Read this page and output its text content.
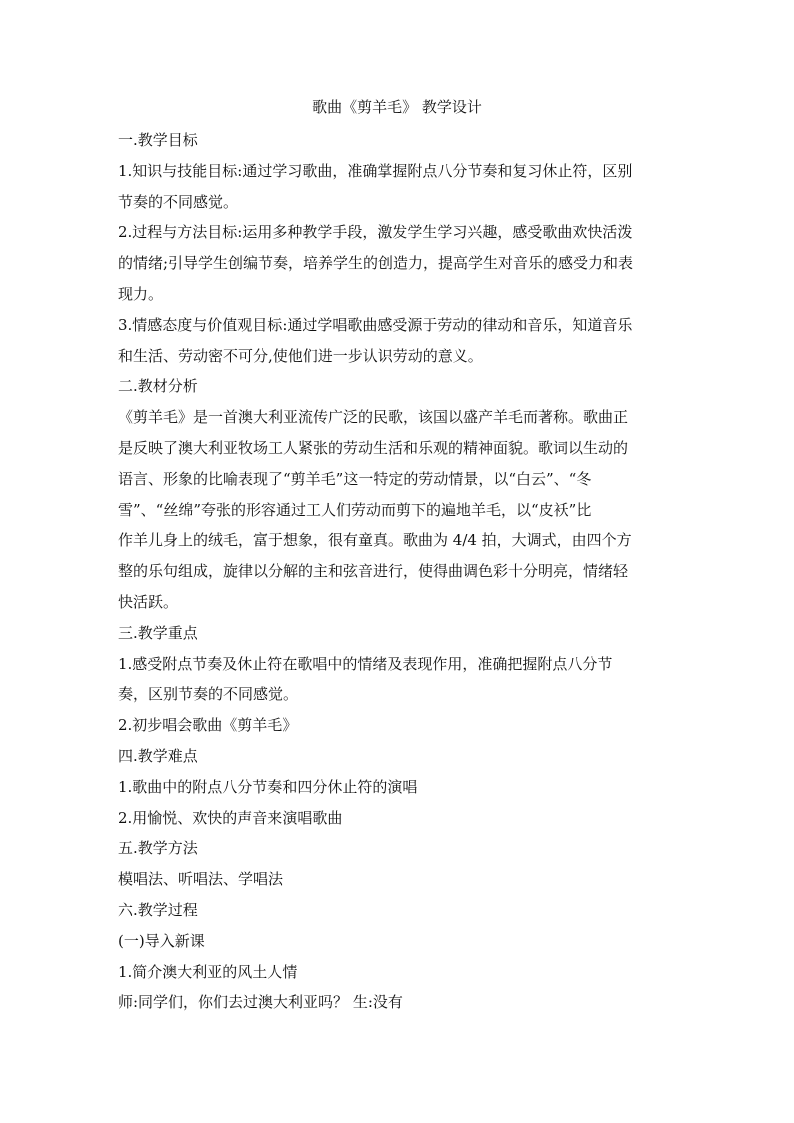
歌曲《剪羊毛》 教学设计

一.教学目标

1.知识与技能目标:通过学习歌曲，准确掌握附点八分节奏和复习休止符，区别

节奏的不同感觉。

2.过程与方法目标:运用多种教学手段，激发学生学习兴趣，感受歌曲欢快活泼

的情绪;引导学生创编节奏，培养学生的创造力，提高学生对音乐的感受力和表

现力。

3.情感态度与价值观目标:通过学唱歌曲感受源于劳动的律动和音乐，知道音乐

和生活、劳动密不可分,使他们进一步认识劳动的意义。

二.教材分析

《剪羊毛》是一首澳大利亚流传广泛的民歌，该国以盛产羊毛而著称。歌曲正

是反映了澳大利亚牧场工人紧张的劳动生活和乐观的精神面貌。歌词以生动的

语言、形象的比喻表现了“剪羊毛”这一特定的劳动情景，以“白云”、“冬

雪”、“丝绵”夸张的形容通过工人们劳动而剪下的遍地羊毛，以“皮袄”比

作羊儿身上的绒毛，富于想象，很有童真。歌曲为 4/4 拍，大调式，由四个方

整的乐句组成，旋律以分解的主和弦音进行，使得曲调色彩十分明亮，情绪轻

快活跃。

三.教学重点

1.感受附点节奏及休止符在歌唱中的情绪及表现作用，准确把握附点八分节

奏，区别节奏的不同感觉。

2.初步唱会歌曲《剪羊毛》

四.教学难点

1.歌曲中的附点八分节奏和四分休止符的演唱

2.用愉悦、欢快的声音来演唱歌曲

五.教学方法

模唱法、听唱法、学唱法

六.教学过程

(一)导入新课

1.简介澳大利亚的风土人情

师:同学们，你们去过澳大利亚吗？ 生:没有
